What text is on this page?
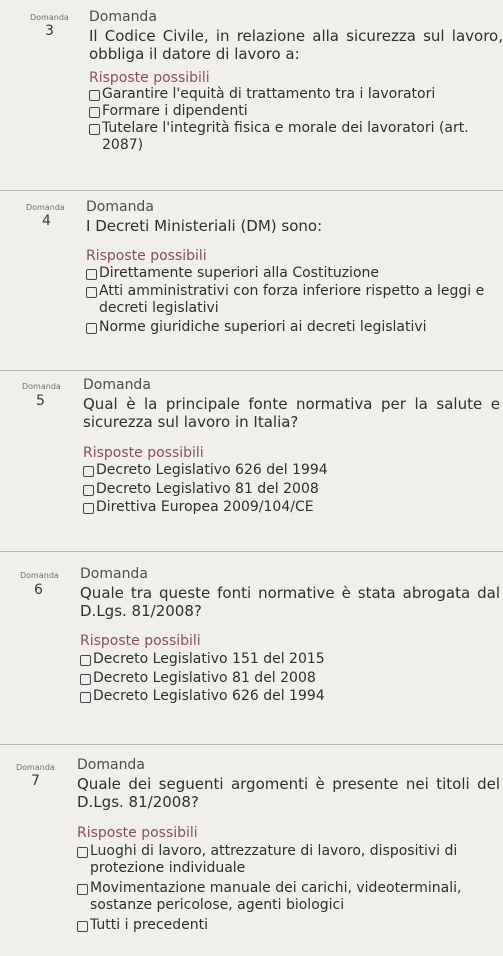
Domanda
3
Domanda
Il Codice Civile, in relazione alla sicurezza sul lavoro, obbliga il datore di lavoro a:
Risposte possibili
Garantire l'equità di trattamento tra i lavoratori
Formare i dipendenti
Tutelare l'integrità fisica e morale dei lavoratori (art. 2087)
Domanda
4
Domanda
I Decreti Ministeriali (DM) sono:
Risposte possibili
Direttamente superiori alla Costituzione
Atti amministrativi con forza inferiore rispetto a leggi e decreti legislativi
Norme giuridiche superiori ai decreti legislativi
Domanda
5
Domanda
Qual è la principale fonte normativa per la salute e sicurezza sul lavoro in Italia?
Risposte possibili
Decreto Legislativo 626 del 1994
Decreto Legislativo 81 del 2008
Direttiva Europea 2009/104/CE
Domanda
6
Domanda
Quale tra queste fonti normative è stata abrogata dal D.Lgs. 81/2008?
Risposte possibili
Decreto Legislativo 151 del 2015
Decreto Legislativo 81 del 2008
Decreto Legislativo 626 del 1994
Domanda
7
Domanda
Quale dei seguenti argomenti è presente nei titoli del D.Lgs. 81/2008?
Risposte possibili
Luoghi di lavoro, attrezzature di lavoro, dispositivi di protezione individuale
Movimentazione manuale dei carichi, videoterminali, sostanze pericolose, agenti biologici
Tutti i precedenti
